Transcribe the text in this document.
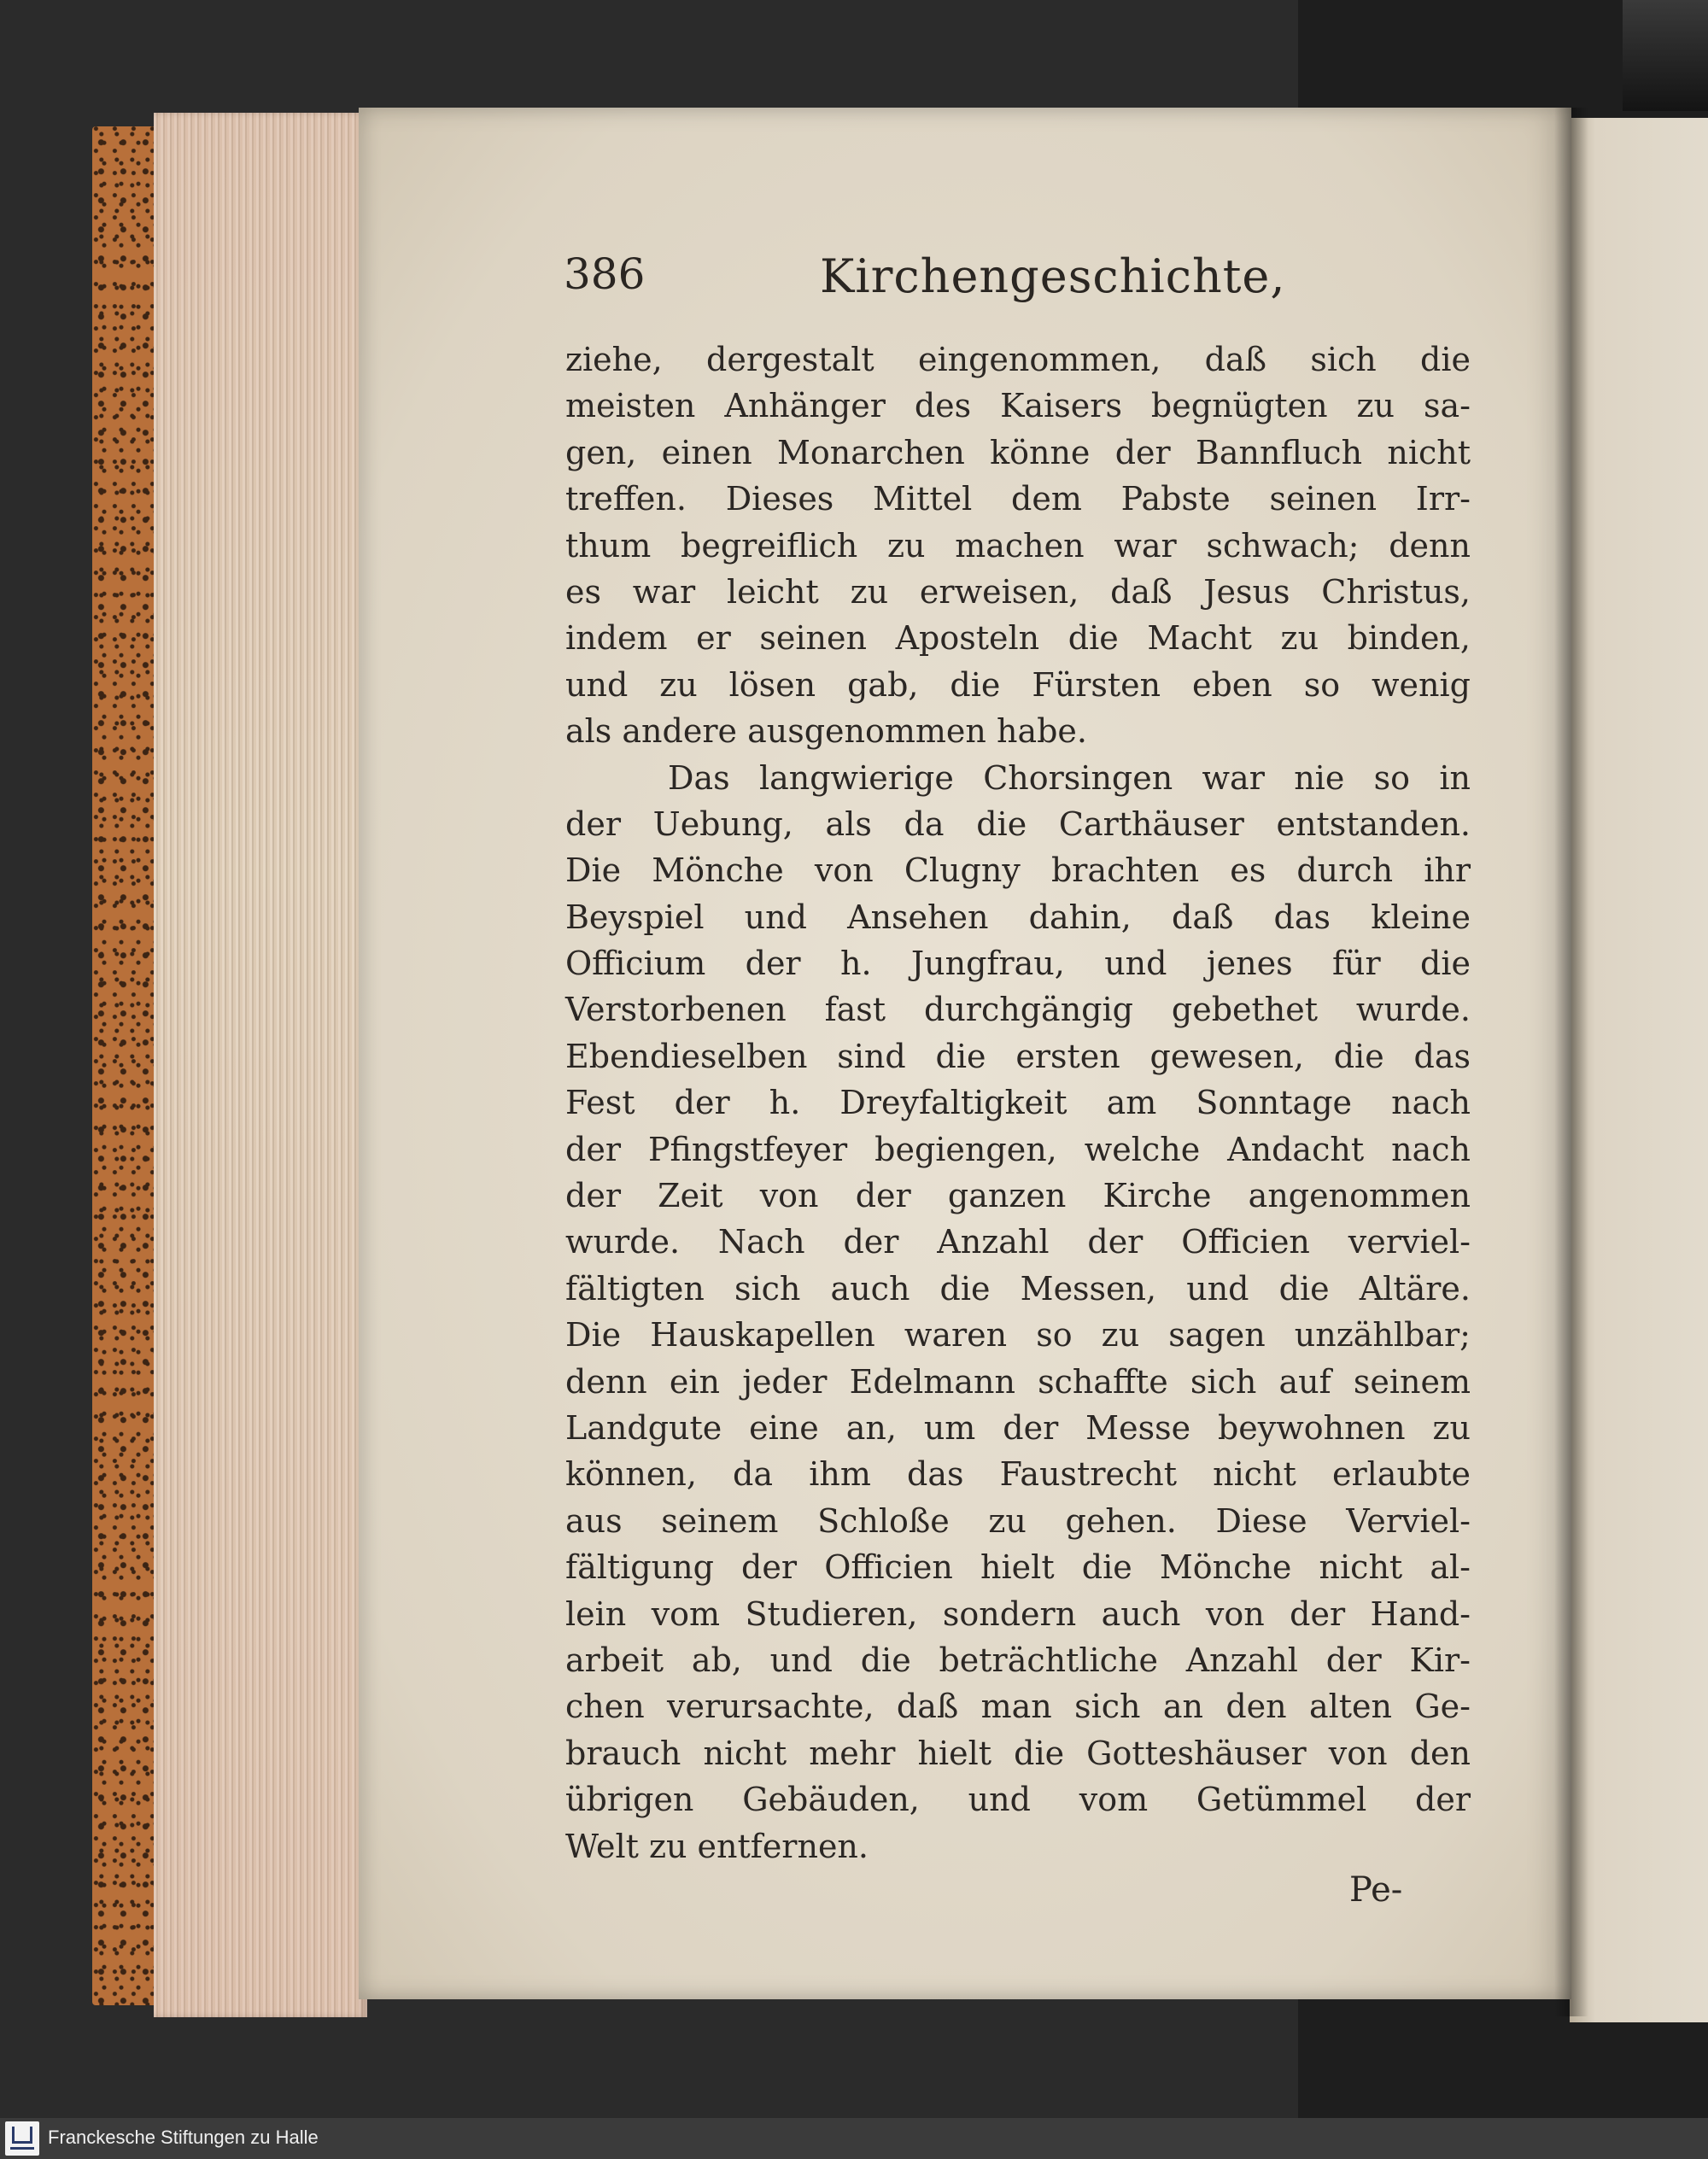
386	Kirchengeschichte,
ziehe, dergestalt eingenommen, daß sich die
meisten Anhänger des Kaisers begnügten zu sa-
gen, einen Monarchen könne der Bannfluch nicht
treffen. Dieses Mittel dem Pabste seinen Irr-
thum begreiflich zu machen war schwach; denn
es war leicht zu erweisen, daß Jesus Christus,
indem er seinen Aposteln die Macht zu binden,
und zu lösen gab, die Fürsten eben so wenig
als andere ausgenommen habe.
Das langwierige Chorsingen war nie so in
der Uebung, als da die Carthäuser entstanden.
Die Mönche von Clugny brachten es durch ihr
Beyspiel und Ansehen dahin, daß das kleine
Officium der h. Jungfrau, und jenes für die
Verstorbenen fast durchgängig gebethet wurde.
Ebendieselben sind die ersten gewesen, die das
Fest der h. Dreyfaltigkeit am Sonntage nach
der Pfingstfeyer begiengen, welche Andacht nach
der Zeit von der ganzen Kirche angenommen
wurde. Nach der Anzahl der Officien verviel-
fältigten sich auch die Messen, und die Altäre.
Die Hauskapellen waren so zu sagen unzählbar;
denn ein jeder Edelmann schaffte sich auf seinem
Landgute eine an, um der Messe beywohnen zu
können, da ihm das Faustrecht nicht erlaubte
aus seinem Schloße zu gehen. Diese Verviel-
fältigung der Officien hielt die Mönche nicht al-
lein vom Studieren, sondern auch von der Hand-
arbeit ab, und die beträchtliche Anzahl der Kir-
chen verursachte, daß man sich an den alten Ge-
brauch nicht mehr hielt die Gotteshäuser von den
übrigen Gebäuden, und vom Getümmel der
Welt zu entfernen.
Pe-
Franckesche Stiftungen zu Halle
